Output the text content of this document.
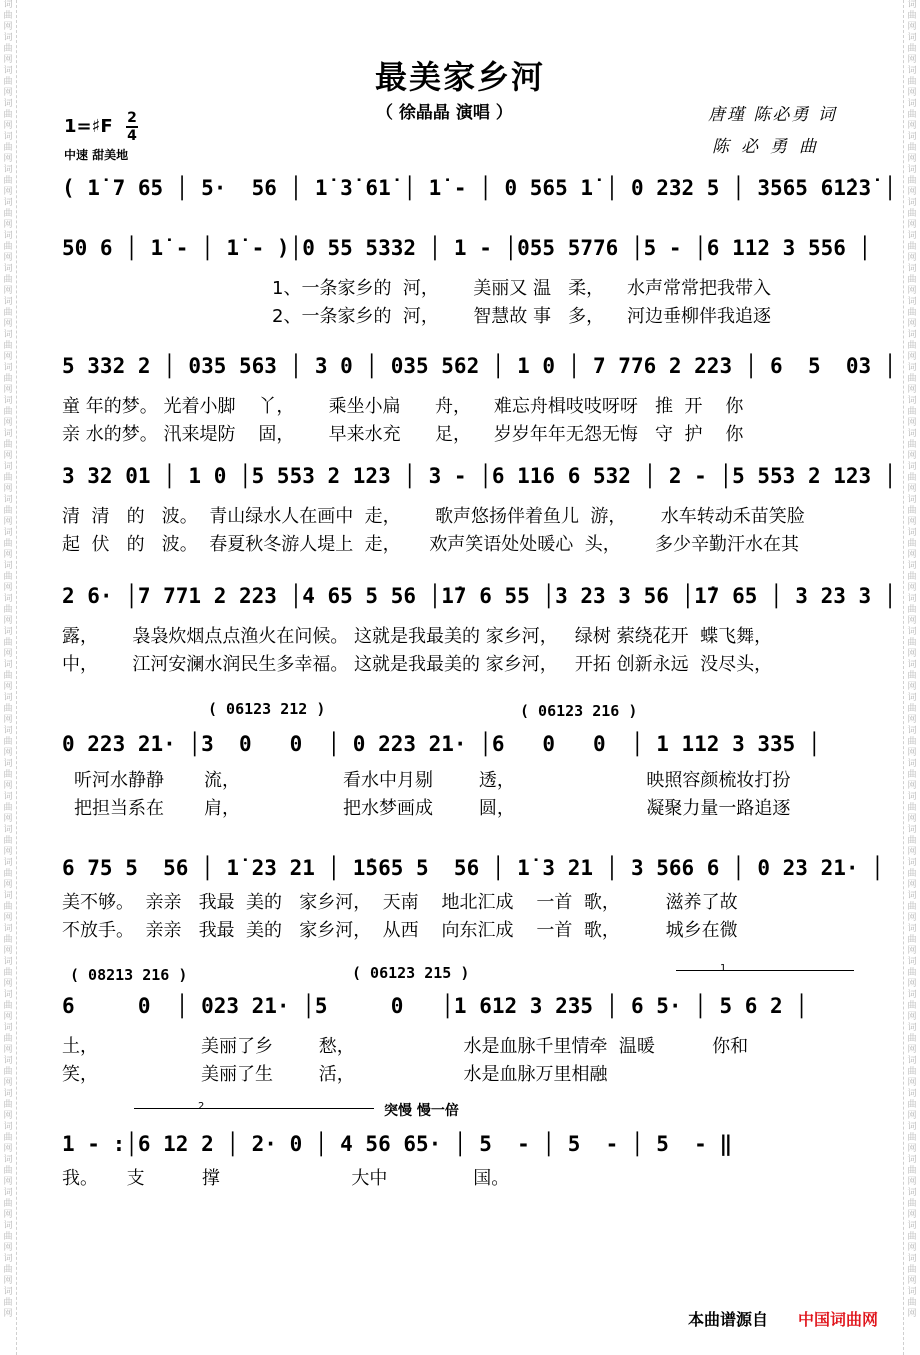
词曲网词曲网词曲网词曲网词曲网词曲网词曲网词曲网词曲网词曲网词曲网词曲网词曲网词曲网词曲网词曲网词曲网词曲网词曲网词曲网词曲网词曲网词曲网词曲网词曲网词曲网词曲网词曲网词曲网词曲网词曲网词曲网词曲网词曲网词曲网词曲网词曲网词曲网词曲网词曲网
词曲网词曲网词曲网词曲网词曲网词曲网词曲网词曲网词曲网词曲网词曲网词曲网词曲网词曲网词曲网词曲网词曲网词曲网词曲网词曲网词曲网词曲网词曲网词曲网词曲网词曲网词曲网词曲网词曲网词曲网词曲网词曲网词曲网词曲网词曲网词曲网词曲网词曲网词曲网词曲网
最美家乡河
（ 徐晶晶 演唱 ）	唐瑾 陈必勇 词
陈必勇曲
1=♯F 2
4
中速 甜美地
( 1̇ 7 65 │ 5·  56 │ 1̇ 3̇ 61̇ │ 1̇ - │ 0 565 1̇ │ 0 232 5 │ 3565 61̇23̇ │
50 6 │ 1̇ - │ 1̇ - )│0 55 5332 │ 1 - │055 5776 │5 - │6 112 3 556 │
1、一条家乡的  河，      美丽又 温   柔，    水声常常把我带入
2、一条家乡的  河，      智慧故 事   多，    河边垂柳伴我追逐
5 332 2 │ 035 563 │ 3 0 │ 035 562 │ 1 0 │ 7 776 2 223 │ 6  5  03 │
童 年的梦。 光着小脚    丫，      乘坐小扁      舟，    难忘舟楫吱吱呀呀   推  开    你
亲 水的梦。 汛来堤防    固，      早来水充      足，    岁岁年年无怨无悔   守  护    你
3 32 01 │ 1 0 │5 553 2 123 │ 3 - │6 116 6 532 │ 2 - │5 553 2 123 │
清  清   的   波。  青山绿水人在画中  走，      歌声悠扬伴着鱼儿  游，      水车转动禾苗笑脸
起  伏   的   波。  春夏秋冬游人堤上  走，     欢声笑语处处暖心  头，      多少辛勤汗水在其
2 6· │7 771 2 223 │4 65 5 56 │1̇7 6 55 │3 23 3 56 │1̇7 65 │ 3 23 3 │
露，      袅袅炊烟点点渔火在问候。 这就是我最美的 家乡河，   绿树 萦绕花开  蝶飞舞，
中，      江河安澜水润民生多幸福。 这就是我最美的 家乡河，   开拓 创新永远  没尽头，
( 06123 212 )	( 06123 216 )
0 223 21· │3  0   0  │ 0 223 21· │6   0   0  │ 1 112 3 335 │
听河水静静       流，                  看水中月剔        透，                       映照容颜梳妆打扮
把担当系在       肩，                  把水梦画成        圆，                       凝聚力量一路追逐
6 75 5  56 │ 1̇ 23 21 │ 1̇565 5  56 │ 1̇ 3 21 │ 3 566 6 │ 0 23 21· │
美不够。  亲亲   我最  美的   家乡河，  天南    地北汇成    一首  歌，        滋养了故
不放手。  亲亲   我最  美的   家乡河，  从西    向东汇成    一首  歌，        城乡在微
( 08213 216 )	( 06123 215 )	1
6     0  │ 023 21· │5     0   │1 612 3 235 │ 6 5· │ 5 6 2 │
土，                  美丽了乡        愁，                   水是血脉千里情牵  温暖          你和
笑，                  美丽了生        活，                   水是血脉万里相融
2	突慢 慢一倍
1 - :│6 12 2 │ 2· 0 │ 4 56 65· │ 5  - │ 5  - │ 5  - ‖
我。     支          撑                       大中               国。
本曲谱源自 中国词曲网
